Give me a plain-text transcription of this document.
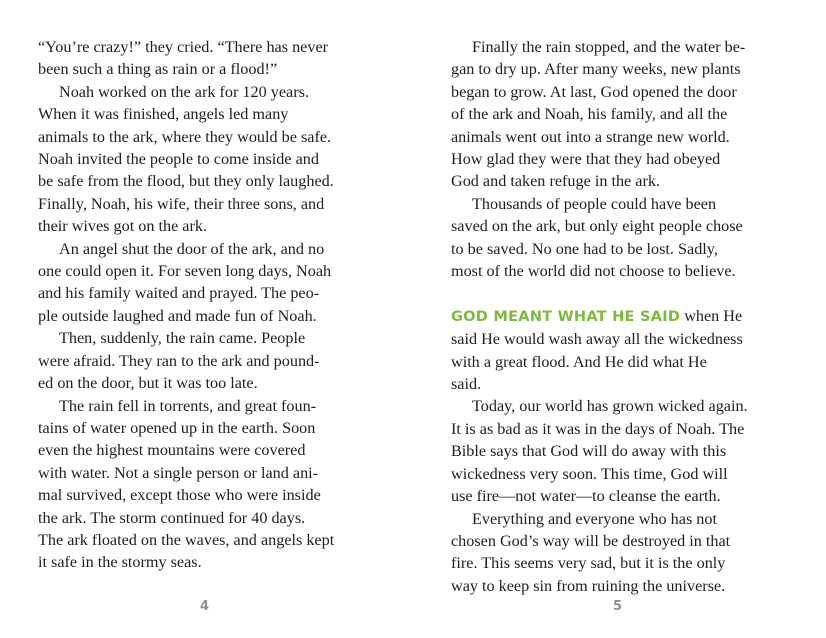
“You’re crazy!” they cried. “There has never
been such a thing as rain or a flood!”
Noah worked on the ark for 120 years.
When it was finished, angels led many
animals to the ark, where they would be safe.
Noah invited the people to come inside and
be safe from the flood, but they only laughed.
Finally, Noah, his wife, their three sons, and
their wives got on the ark.
An angel shut the door of the ark, and no
one could open it. For seven long days, Noah
and his family waited and prayed. The peo-
ple outside laughed and made fun of Noah.
Then, suddenly, the rain came. People
were afraid. They ran to the ark and pound-
ed on the door, but it was too late.
The rain fell in torrents, and great foun-
tains of water opened up in the earth. Soon
even the highest mountains were covered
with water. Not a single person or land ani-
mal survived, except those who were inside
the ark. The storm continued for 40 days.
The ark floated on the waves, and angels kept
it safe in the stormy seas.
Finally the rain stopped, and the water be-
gan to dry up. After many weeks, new plants
began to grow. At last, God opened the door
of the ark and Noah, his family, and all the
animals went out into a strange new world.
How glad they were that they had obeyed
God and taken refuge in the ark.
Thousands of people could have been
saved on the ark, but only eight people chose
to be saved. No one had to be lost. Sadly,
most of the world did not choose to believe.
GOD MEANT WHAT HE SAID when He
said He would wash away all the wickedness
with a great flood. And He did what He
said.
Today, our world has grown wicked again.
It is as bad as it was in the days of Noah. The
Bible says that God will do away with this
wickedness very soon. This time, God will
use fire—not water—to cleanse the earth.
Everything and everyone who has not
chosen God’s way will be destroyed in that
fire. This seems very sad, but it is the only
way to keep sin from ruining the universe.
4	5
